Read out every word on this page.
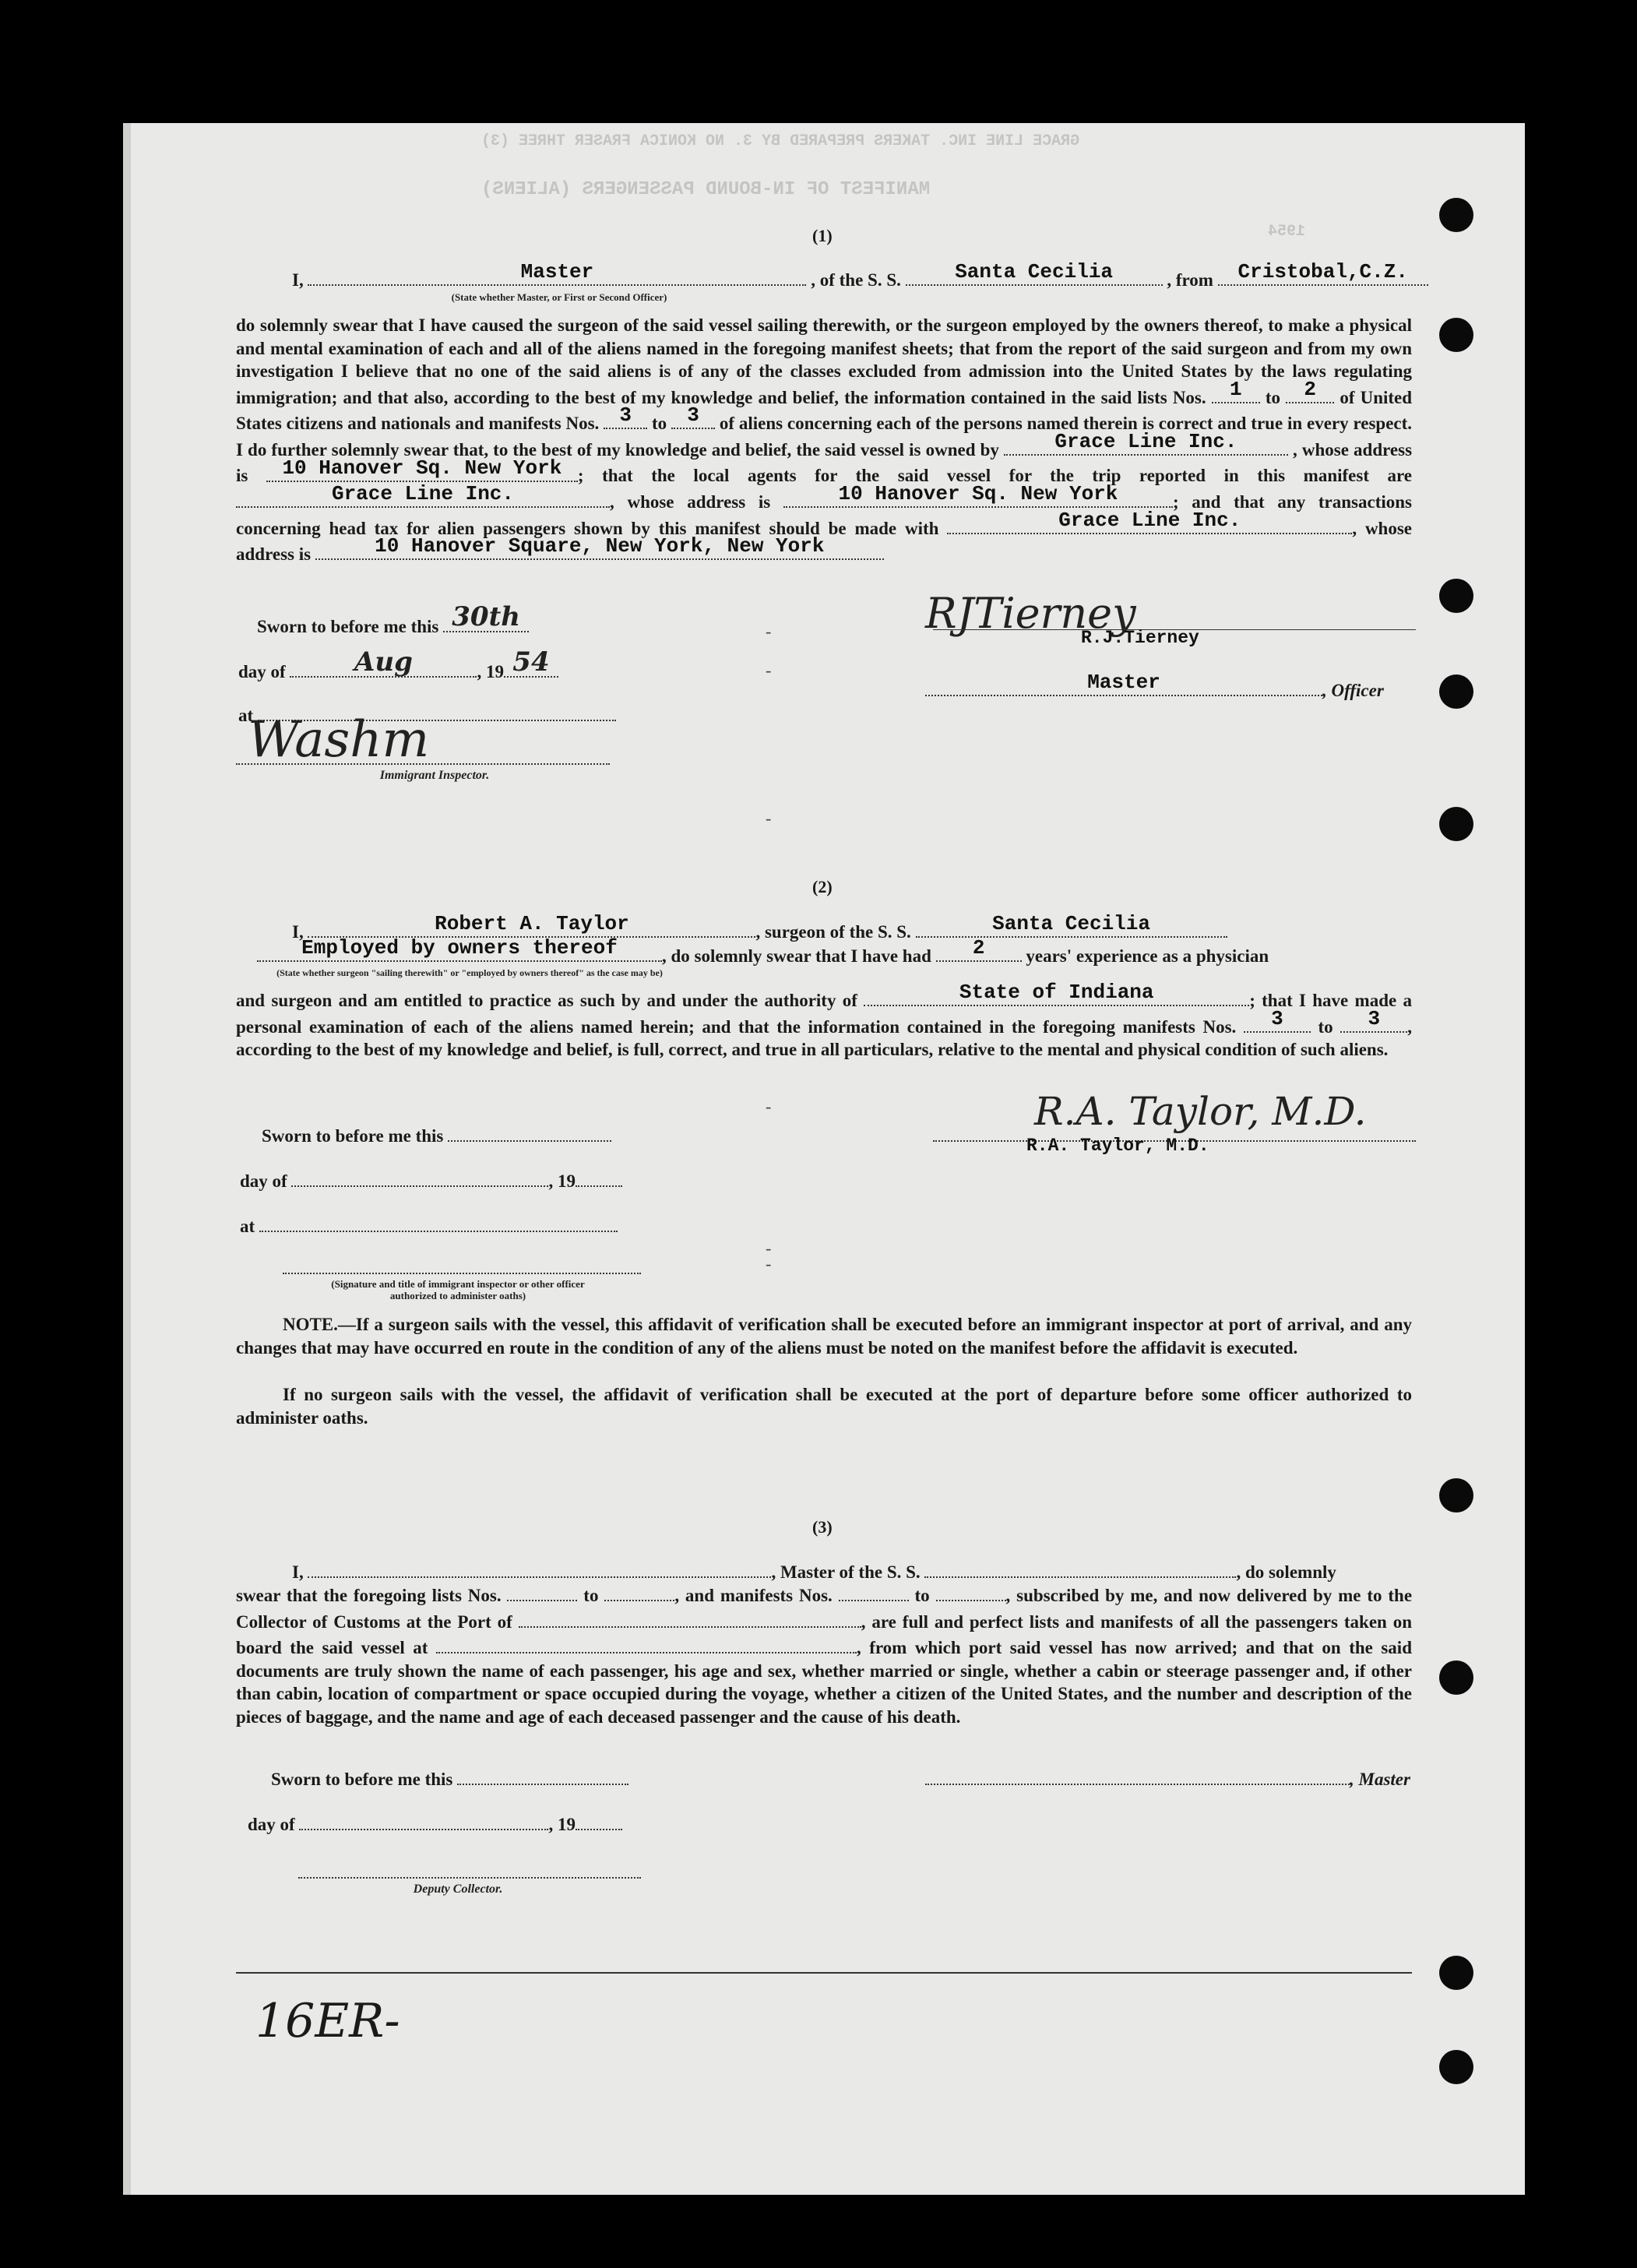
GRACE LINE INC. TAKERS PREPARED BY 3. NO KONICA FRASER THREE (3)
MANIFEST OF IN-BOUND PASSENGERS (ALIENS)
1954
(1)
I,	Master	, of the S. S.	Santa Cecilia	, from	Cristobal,C.Z.
(State whether Master, or First or Second Officer)

do solemnly swear that I have caused the surgeon of the said vessel sailing therewith, or the surgeon employed by the owners thereof, to make a physical and mental examination of each and all of the aliens named in the foregoing manifest sheets; that from the report of the said surgeon and from my own investigation I believe that no one of the said aliens is of any of the classes excluded from admission into the United States by the laws regulating immigration; and that also, according to the best of my knowledge and belief, the information contained in the said lists Nos.	1	to	2	of United States citizens and nationals and manifests Nos.	3	to	3	of aliens concerning each of the persons named therein is correct and true in every respect. I do further solemnly swear that, to the best of my knowledge and belief, the said vessel is owned by	Grace Line Inc.	, whose address is	10 Hanover Sq. New York ; that the local agents for the said vessel for the trip reported in this manifest are
Grace Line Inc.	, whose address is	10 Hanover Sq. New York	; and that any transactions concerning head tax for alien passengers shown by this manifest should be made with	Grace Line Inc.	, whose address is	10 Hanover Square, New York, New York

Sworn to before me this 30th
day of	Aug	, 19 54
at
Washm
Immigrant Inspector.
-
-
-
RJTierney
R.J.Tierney
Master	, Officer
(2)
I,	Robert A. Taylor	, surgeon of the S. S.	Santa Cecilia
Employed by owners thereof	, do solemnly swear that I have had	2	years' experience as a physician
(State whether surgeon "sailing therewith" or "employed by owners thereof" as the case may be)

and surgeon and am entitled to practice as such by and under the authority of	State of Indiana	; that I have made a personal examination of each of the aliens named herein; and that the information contained in the foregoing manifests Nos.	3	to	3	, according to the best of my knowledge and belief, is full, correct, and true in all particulars, relative to the mental and physical condition of such aliens.

-
-
-
Sworn to before me this
day of	, 19
at
(Signature and title of immigrant inspector or other officer authorized to administer oaths)
R.A. Taylor, M.D.
R.A. Taylor, M.D.

NOTE.—If a surgeon sails with the vessel, this affidavit of verification shall be executed before an immigrant inspector at port of arrival, and any changes that may have occurred en route in the condition of any of the aliens must be noted on the manifest before the affidavit is executed.

If no surgeon sails with the vessel, the affidavit of verification shall be executed at the port of departure before some officer authorized to administer oaths.

(3)
I,	, Master of the S. S.	, do solemnly

swear that the foregoing lists Nos.	to	, and manifests Nos.	to	, subscribed by me, and now delivered by me to the Collector of Customs at the Port of	, are full and perfect lists and manifests of all the passengers taken on board the said vessel at	, from which port said vessel has now arrived; and that on the said documents are truly shown the name of each passenger, his age and sex, whether married or single, whether a cabin or steerage passenger and, if other than cabin, location of compartment or space occupied during the voyage, whether a citizen of the United States, and the number and description of the pieces of baggage, and the name and age of each deceased passenger and the cause of his death.

Sworn to before me this	, Master
day of	, 19
Deputy Collector.
16ER-
